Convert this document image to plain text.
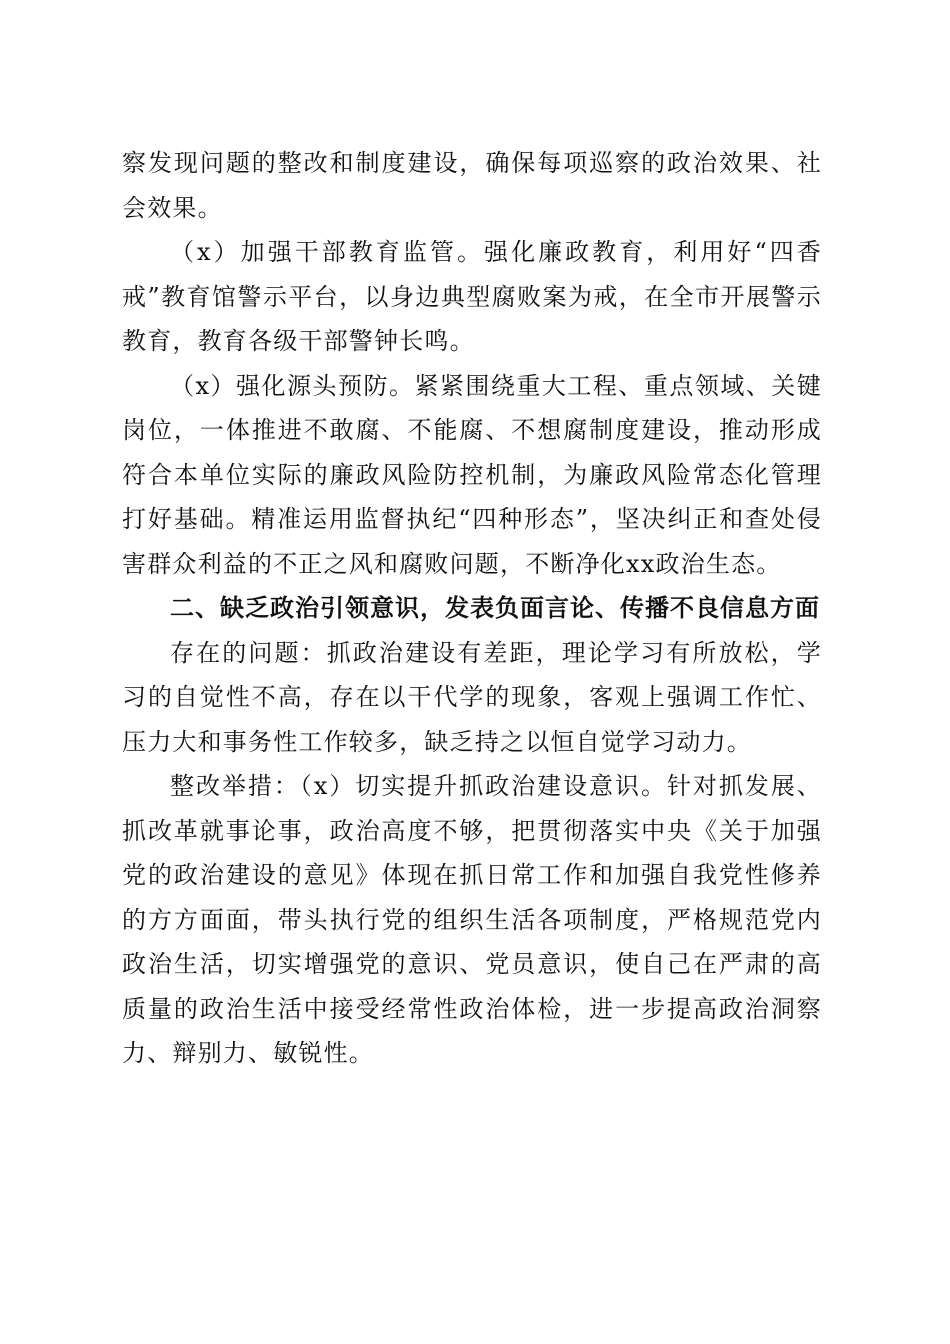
察发现问题的整改和制度建设，确保每项巡察的政治效果、社会效果。

（x）加强干部教育监管。强化廉政教育，利用好“四香戒”教育馆警示平台，以身边典型腐败案为戒，在全市开展警示教育，教育各级干部警钟长鸣。

（x）强化源头预防。紧紧围绕重大工程、重点领域、关键岗位，一体推进不敢腐、不能腐、不想腐制度建设，推动形成符合本单位实际的廉政风险防控机制，为廉政风险常态化管理打好基础。精准运用监督执纪“四种形态”，坚决纠正和查处侵害群众利益的不正之风和腐败问题，不断净化xx政治生态。

二、缺乏政治引领意识，发表负面言论、传播不良信息方面

存在的问题：抓政治建设有差距，理论学习有所放松，学习的自觉性不高，存在以干代学的现象，客观上强调工作忙、压力大和事务性工作较多，缺乏持之以恒自觉学习动力。

整改举措：（x）切实提升抓政治建设意识。针对抓发展、抓改革就事论事，政治高度不够，把贯彻落实中央《关于加强党的政治建设的意见》体现在抓日常工作和加强自我党性修养的方方面面，带头执行党的组织生活各项制度，严格规范党内政治生活，切实增强党的意识、党员意识，使自己在严肃的高质量的政治生活中接受经常性政治体检，进一步提高政治洞察力、辩别力、敏锐性。
